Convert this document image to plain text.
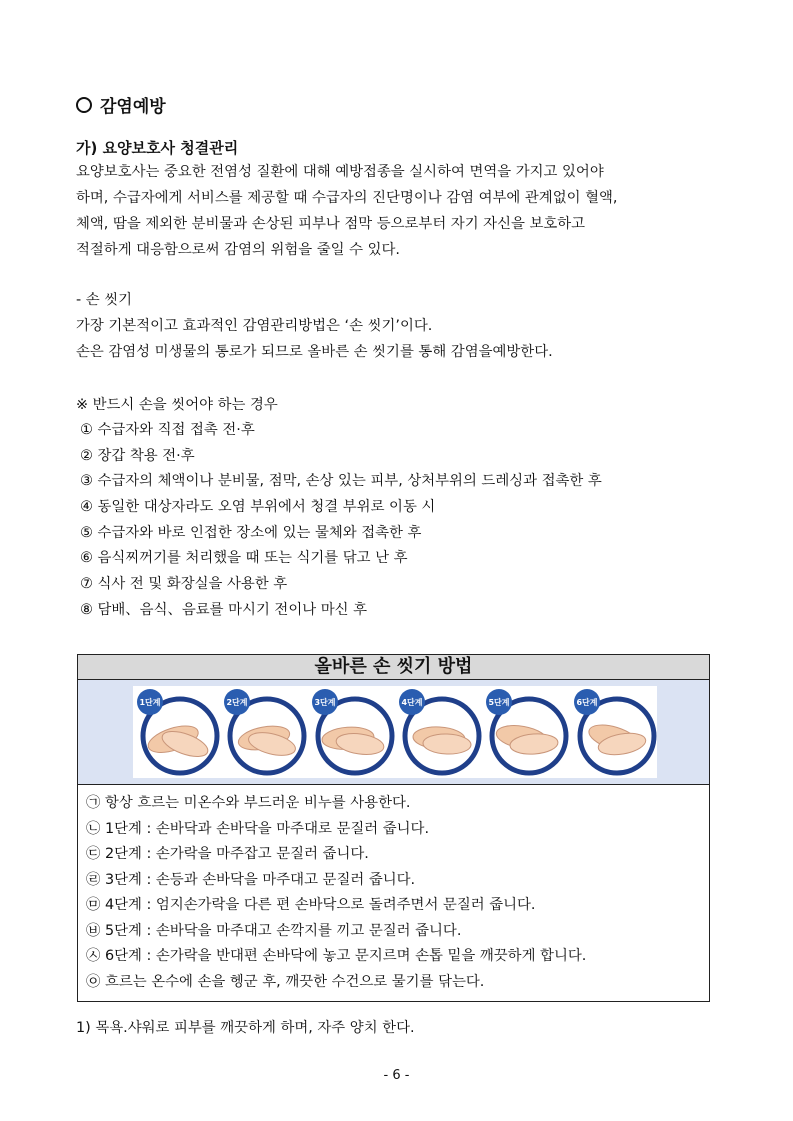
감염예방
가) 요양보호사 청결관리
요양보호사는 중요한 전염성 질환에 대해 예방접종을 실시하여 면역을 가지고 있어야
하며, 수급자에게 서비스를 제공할 때 수급자의 진단명이나 감염 여부에 관계없이 혈액,
체액, 땀을 제외한 분비물과 손상된 피부나 점막 등으로부터 자기 자신을 보호하고
적절하게 대응함으로써 감염의 위험을 줄일 수 있다.
- 손 씻기
가장 기본적이고 효과적인 감염관리방법은 ‘손 씻기’이다.
손은 감염성 미생물의 통로가 되므로 올바른 손 씻기를 통해 감염을예방한다.
※ 반드시 손을 씻어야 하는 경우
① 수급자와 직접 접촉 전·후
② 장갑 착용 전·후
③ 수급자의 체액이나 분비물, 점막, 손상 있는 피부, 상처부위의 드레싱과 접촉한 후
④ 동일한 대상자라도 오염 부위에서 청결 부위로 이동 시
⑤ 수급자와 바로 인접한 장소에 있는 물체와 접촉한 후
⑥ 음식찌꺼기를 처리했을 때 또는 식기를 닦고 난 후
⑦ 식사 전 및 화장실을 사용한 후
⑧ 담배、음식、음료를 마시기 전이나 마신 후
올바른 손 씻기 방법
1단계	2단계	3단계	4단계	5단계	6단계
㉠ 항상 흐르는 미온수와 부드러운 비누를 사용한다.
㉡ 1단계 : 손바닥과 손바닥을 마주대로 문질러 줍니다.
㉢ 2단계 : 손가락을 마주잡고 문질러 줍니다.
㉣ 3단계 : 손등과 손바닥을 마주대고 문질러 줍니다.
㉤ 4단계 : 엄지손가락을 다른 편 손바닥으로 돌려주면서 문질러 줍니다.
㉥ 5단계 : 손바닥을 마주대고 손깍지를 끼고 문질러 줍니다.
㉦ 6단계 : 손가락을 반대편 손바닥에 놓고 문지르며 손톱 밑을 깨끗하게 합니다.
㉧ 흐르는 온수에 손을 헹군 후, 깨끗한 수건으로 물기를 닦는다.
1) 목욕.샤워로 피부를 깨끗하게 하며, 자주 양치 한다.
- 6 -
